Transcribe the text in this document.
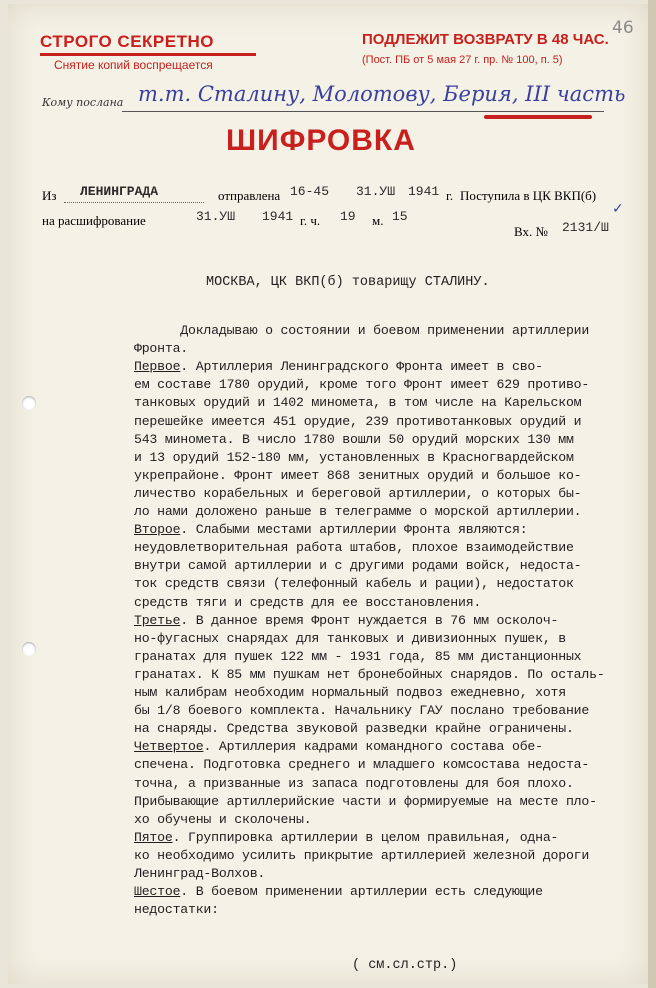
СТРОГО СЕКРЕТНО
Снятие копий воспрещается
ПОДЛЕЖИТ ВОЗВРАТУ В 48 ЧАС.
(Пост. ПБ от 5 мая 27 г. пр. № 100, п. 5)
46
Кому послана т.т. Сталину, Молотову, Берия, III часть
ШИФРОВКА
Из ЛЕНИНГРАДА	отправлена 16-45 31.УШ 1941 г. Поступила в ЦК ВКП(б)
на расшифрование	31.УШ 1941 г. ч. 19 м. 15
Вх. № 2131/Ш
✓
МОСКВА, ЦК ВКП(б) товарищу СТАЛИНУ.
Докладываю о состоянии и боевом применении артиллерии
Фронта.
Первое. Артиллерия Ленинградского Фронта имеет в сво-
ем составе 1780 орудий, кроме того Фронт имеет 629 противо-
танковых орудий и 1402 миномета, в том числе на Карельском
перешейке имеется 451 орудие, 239 противотанковых орудий и
543 миномета. В число 1780 вошли 50 орудий морских 130 мм
и 13 орудий 152-180 мм, установленных в Красногвардейском
укрепрайоне. Фронт имеет 868 зенитных орудий и большое ко-
личество корабельных и береговой артиллерии, о которых бы-
ло нами доложено раньше в телеграмме о морской артиллерии.
Второе. Слабыми местами артиллерии Фронта являются:
неудовлетворительная работа штабов, плохое взаимодействие
внутри самой артиллерии и с другими родами войск, недоста-
ток средств связи (телефонный кабель и рации), недостаток
средств тяги и средств для ее восстановления.
Третье. В данное время Фронт нуждается в 76 мм осколоч-
но-фугасных снарядах для танковых и дивизионных пушек, в
гранатах для пушек 122 мм - 1931 года, 85 мм дистанционных
гранатах. К 85 мм пушкам нет бронебойных снарядов. По осталь-
ным калибрам необходим нормальный подвоз ежедневно, хотя
бы 1/8 боевого комплекта. Начальнику ГАУ послано требование
на снаряды. Средства звуковой разведки крайне ограничены.
Четвертое. Артиллерия кадрами командного состава обе-
спечена. Подготовка среднего и младшего комсостава недоста-
точна, а призванные из запаса подготовлены для боя плохо.
Прибывающие артиллерийские части и формируемые на месте пло-
хо обучены и сколочены.
Пятое. Группировка артиллерии в целом правильная, одна-
ко необходимо усилить прикрытие артиллерией железной дороги
Ленинград-Волхов.
Шестое. В боевом применении артиллерии есть следующие
недостатки:
( см.сл.стр.)
